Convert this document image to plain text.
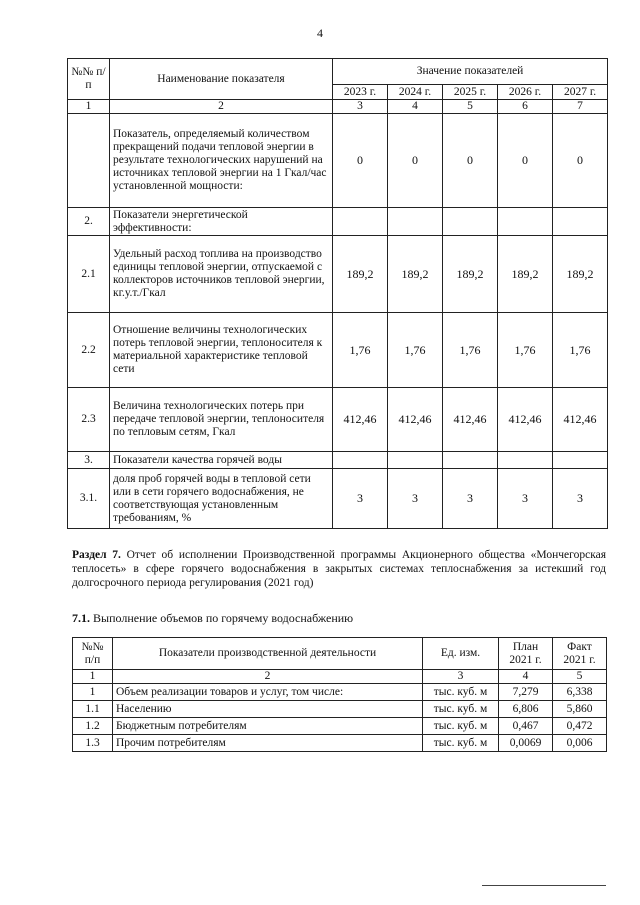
4
№№ п/п	Наименование показателя	Значение показателей				
		2023 г.	2024 г.	2025 г.	2026 г.	2027 г.
1	2	3	4	5	6	7
	Показатель, определяемый количеством прекращений подачи тепловой энергии в результате технологических нарушений на источниках тепловой энергии на 1 Гкал/час установленной мощности:	0	0	0	0	0
2.	Показатели энергетической эффективности:					
2.1	Удельный расход топлива на производство единицы тепловой энергии, отпускаемой с коллекторов источников тепловой энергии, кг.у.т./Гкал	189,2	189,2	189,2	189,2	189,2
2.2	Отношение величины технологических потерь тепловой энергии, теплоносителя к материальной характеристике тепловой сети	1,76	1,76	1,76	1,76	1,76
2.3	Величина технологических потерь при передаче тепловой энергии, теплоносителя по тепловым сетям, Гкал	412,46	412,46	412,46	412,46	412,46
3.	Показатели качества горячей воды					
3.1.	доля проб горячей воды в тепловой сети или в сети горячего водоснабжения, не соответствующая установленным требованиям, %	3	3	3	3	3
Раздел 7. Отчет об исполнении Производственной программы Акционерного общества «Мончегорская теплосеть» в сфере горячего водоснабжения в закрытых системах теплоснабжения за истекший год долгосрочного периода регулирования (2021 год)
7.1. Выполнение объемов по горячему водоснабжению
№№ п/п	Показатели производственной деятельности	Ед. изм.	План 2021 г.	Факт 2021 г.
1	2	3	4	5
1	Объем реализации товаров и услуг, том числе:	тыс. куб. м	7,279	6,338
1.1	Населению	тыс. куб. м	6,806	5,860
1.2	Бюджетным потребителям	тыс. куб. м	0,467	0,472
1.3	Прочим потребителям	тыс. куб. м	0,0069	0,006
